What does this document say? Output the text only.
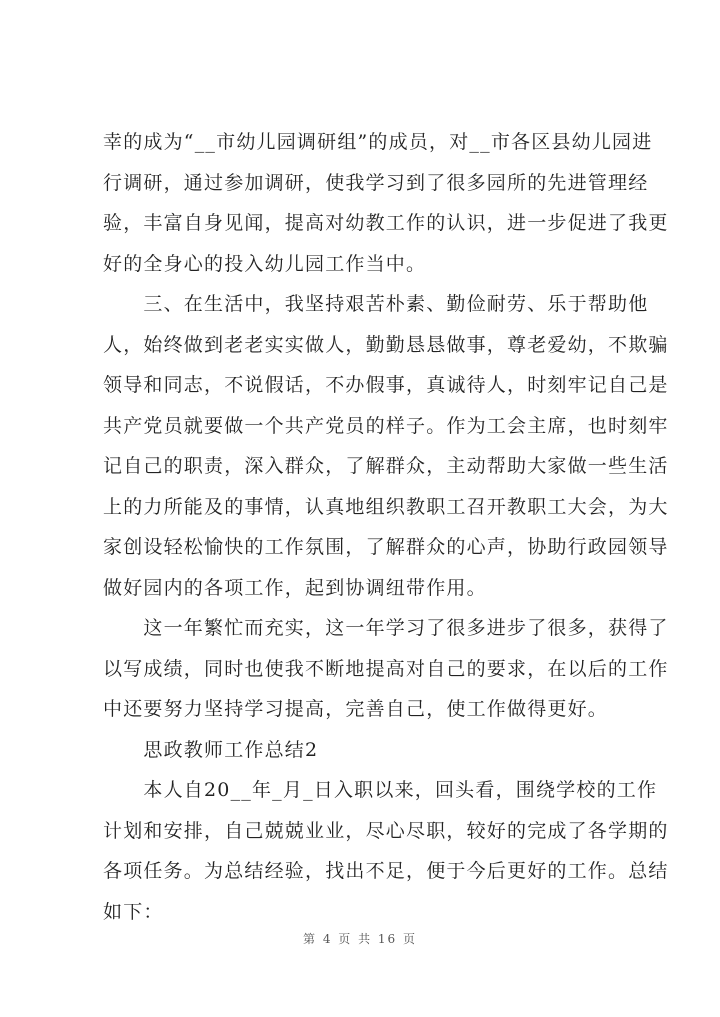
幸的成为“__市幼儿园调研组”的成员，对__市各区县幼儿园进
行调研，通过参加调研，使我学习到了很多园所的先进管理经
验，丰富自身见闻，提高对幼教工作的认识，进一步促进了我更
好的全身心的投入幼儿园工作当中。
　　三、在生活中，我坚持艰苦朴素、勤俭耐劳、乐于帮助他
人，始终做到老老实实做人，勤勤恳恳做事，尊老爱幼，不欺骗
领导和同志，不说假话，不办假事，真诚待人，时刻牢记自己是
共产党员就要做一个共产党员的样子。作为工会主席，也时刻牢
记自己的职责，深入群众，了解群众，主动帮助大家做一些生活
上的力所能及的事情，认真地组织教职工召开教职工大会，为大
家创设轻松愉快的工作氛围，了解群众的心声，协助行政园领导
做好园内的各项工作，起到协调纽带作用。
　　这一年繁忙而充实，这一年学习了很多进步了很多，获得了
以写成绩，同时也使我不断地提高对自己的要求，在以后的工作
中还要努力坚持学习提高，完善自己，使工作做得更好。
　　思政教师工作总结2
　　本人自20__年_月_日入职以来，回头看，围绕学校的工作
计划和安排，自己兢兢业业，尽心尽职，较好的完成了各学期的
各项任务。为总结经验，找出不足，便于今后更好的工作。总结
如下：
第 4 页 共 16 页
